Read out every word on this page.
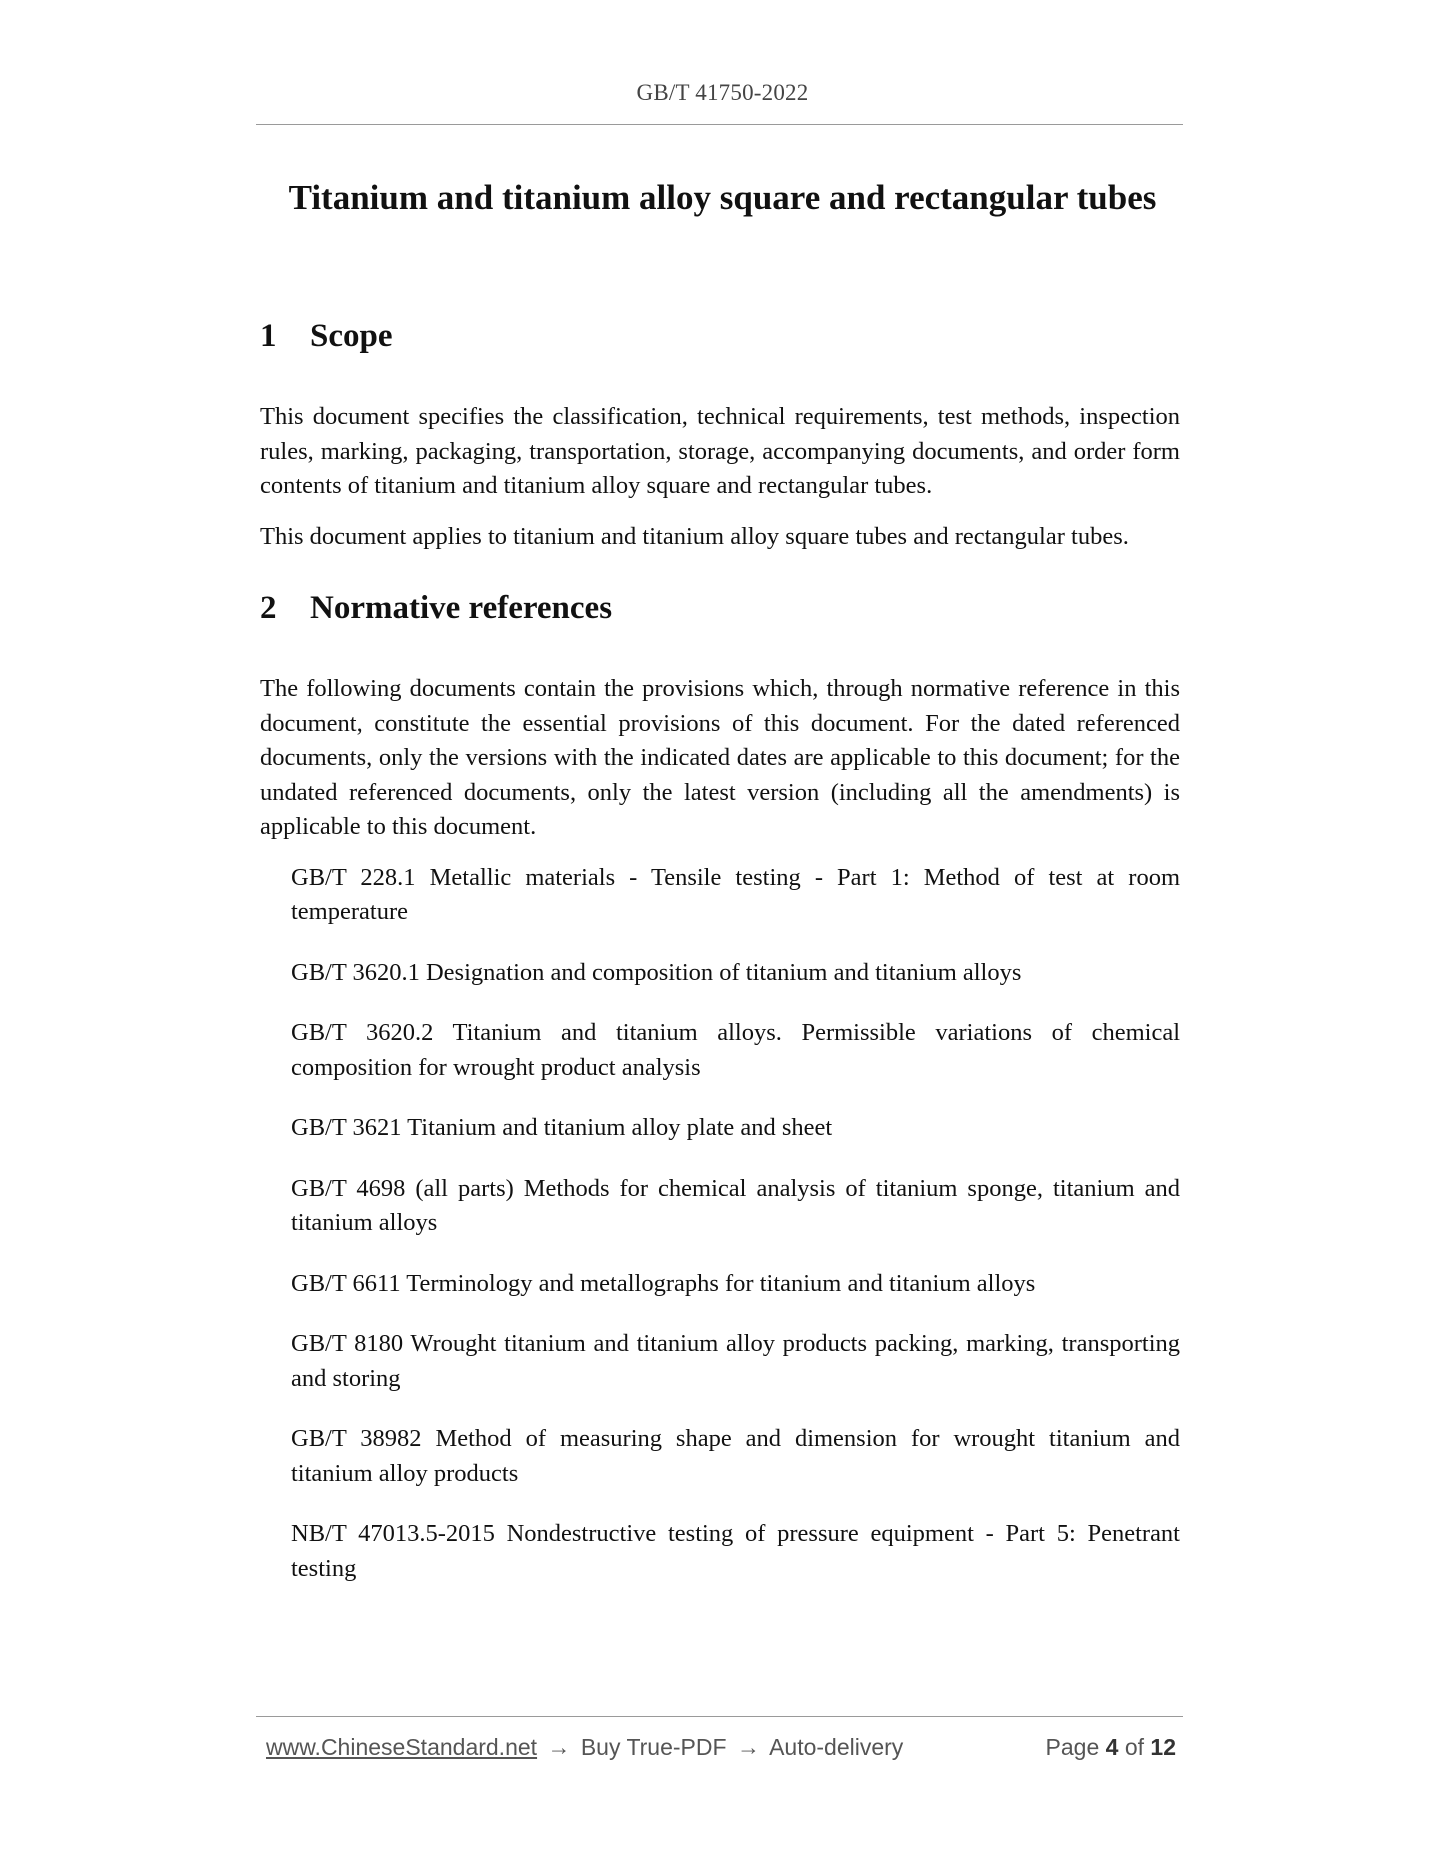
GB/T 41750-2022
Titanium and titanium alloy square and rectangular tubes
1	Scope

This document specifies the classification, technical requirements, test methods, inspection rules, marking, packaging, transportation, storage, accompanying documents, and order form contents of titanium and titanium alloy square and rectangular tubes.

This document applies to titanium and titanium alloy square tubes and rectangular tubes.

2	Normative references

The following documents contain the provisions which, through normative reference in this document, constitute the essential provisions of this document. For the dated referenced documents, only the versions with the indicated dates are applicable to this document; for the undated referenced documents, only the latest version (including all the amendments) is applicable to this document.

GB/T 228.1 Metallic materials - Tensile testing - Part 1: Method of test at room temperature
GB/T 3620.1 Designation and composition of titanium and titanium alloys
GB/T 3620.2 Titanium and titanium alloys. Permissible variations of chemical composition for wrought product analysis
GB/T 3621 Titanium and titanium alloy plate and sheet
GB/T 4698 (all parts) Methods for chemical analysis of titanium sponge, titanium and titanium alloys
GB/T 6611 Terminology and metallographs for titanium and titanium alloys
GB/T 8180 Wrought titanium and titanium alloy products packing, marking, transporting and storing
GB/T 38982 Method of measuring shape and dimension for wrought titanium and titanium alloy products
NB/T 47013.5-2015 Nondestructive testing of pressure equipment - Part 5: Penetrant testing
www.ChineseStandard.net → Buy True-PDF → Auto-delivery	Page 4 of 12
